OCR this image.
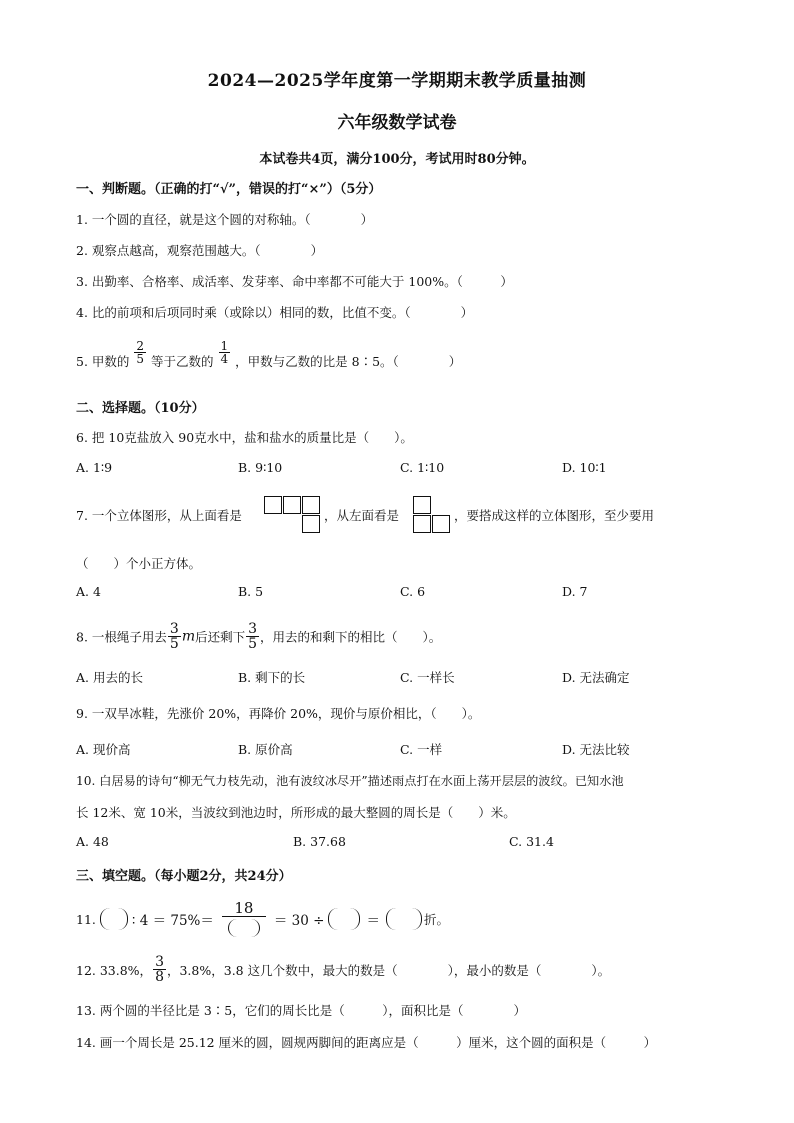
2024—2025学年度第一学期期末教学质量抽测
六年级数学试卷
本试卷共4页，满分100分，考试用时80分钟。
一、判断题。（正确的打“√”，错误的打“×”）（5分）
1. 一个圆的直径，就是这个圆的对称轴。（　　　　）
2. 观察点越高，观察范围越大。（　　　　）
3. 出勤率、合格率、成活率、发芽率、命中率都不可能大于 100%。（　　　）
4. 比的前项和后项同时乘（或除以）相同的数，比值不变。（　　　　）
5. 甲数的 $\frac{2}{5}$ 等于乙数的 $\frac{1}{4}$ ，甲数与乙数的比是 8∶5。（　　　　）
二、选择题。（10分）
6. 把 10克盐放入 90克水中，盐和盐水的质量比是（　　）。
A. 1∶9	B. 9∶10	C. 1∶10	D. 10∶1
7. 一个立体图形，从上面看是	，从左面看是	，要搭成这样的立体图形，至少要用
（　　）个小正方体。
A. 4	B. 5	C. 6	D. 7
8. 一根绳子用去 $\frac{3}{5}$ m后还剩下 $\frac{3}{5}$ ，用去的和剩下的相比（　　）。
A. 用去的长	B. 剩下的长	C. 一样长	D. 无法确定
9. 一双旱冰鞋，先涨价 20%，再降价 20%，现价与原价相比，（　　）。
A. 现价高	B. 原价高	C. 一样	D. 无法比较
10. 白居易的诗句“柳无气力枝先动，池有波纹冰尽开”描述雨点打在水面上荡开层层的波纹。已知水池
长 12米、宽 10米，当波纹到池边时，所形成的最大整圆的周长是（　　）米。
A. 48	B. 37.68	C. 31.4
三、填空题。（每小题2分，共24分）
11.	∶ 4 ＝ 75%＝
18
＝ 30 ÷	＝	折。
12. 33.8%， $\frac{3}{8}$ ，3.8%，3.8 这几个数中，最大的数是（　　　　），最小的数是（　　　　）。
13. 两个圆的半径比是 3∶5，它们的周长比是（　　　），面积比是（　　　　）
14. 画一个周长是 25.12 厘米的圆，圆规两脚间的距离应是（　　　）厘米，这个圆的面积是（　　　）
